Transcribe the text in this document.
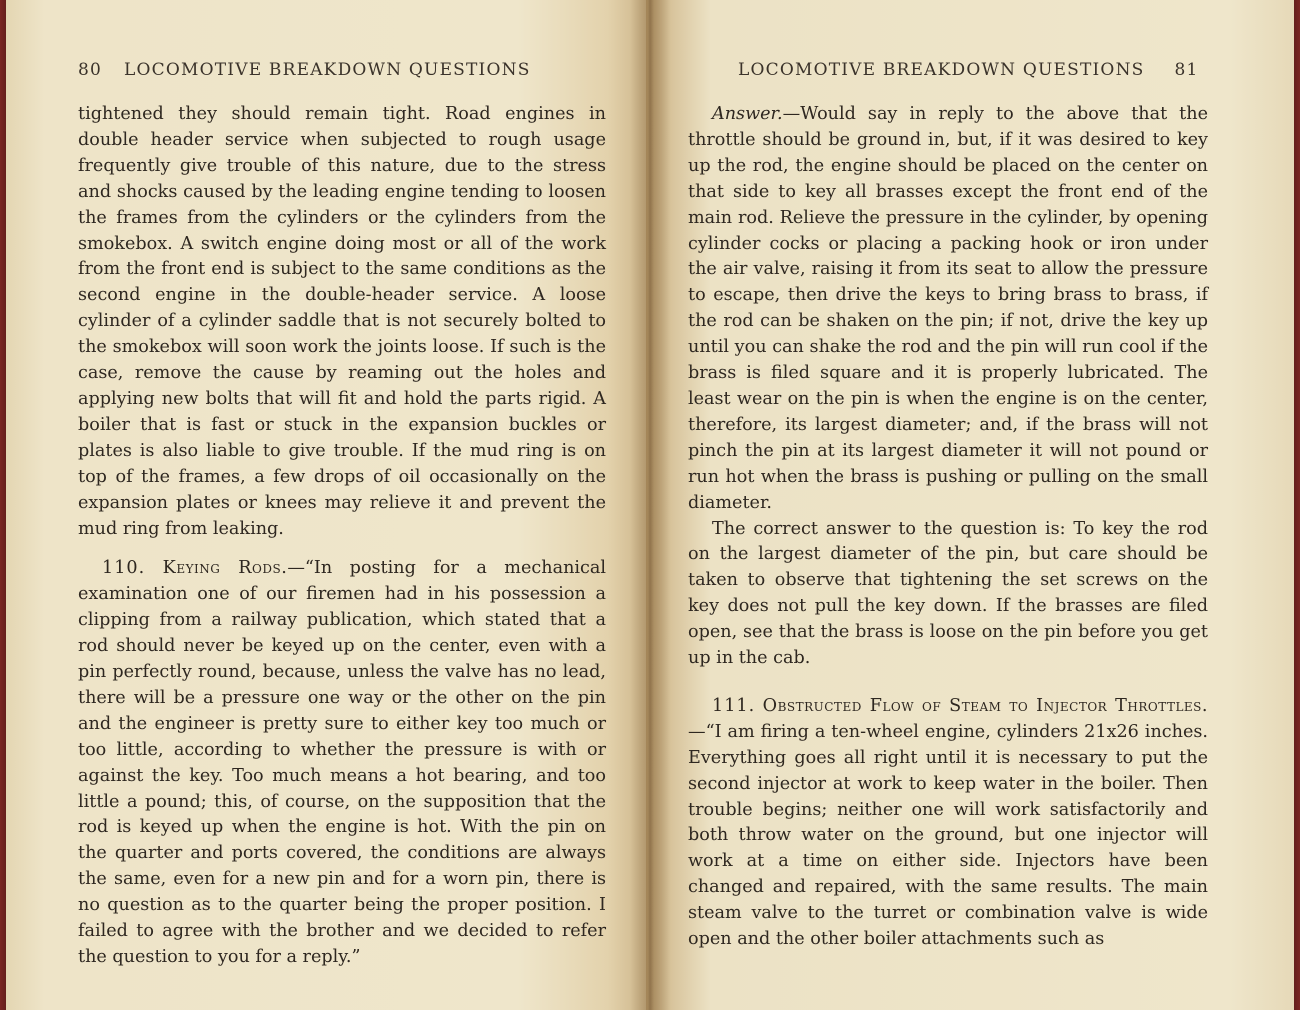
80 LOCOMOTIVE BREAKDOWN QUESTIONS

tightened they should remain tight. Road engines in double header service when subjected to rough usage frequently give trouble of this nature, due to the stress and shocks caused by the leading engine tending to loosen the frames from the cylinders or the cylinders from the smokebox. A switch engine doing most or all of the work from the front end is subject to the same conditions as the second engine in the double-header service. A loose cylinder of a cylinder saddle that is not securely bolted to the smokebox will soon work the joints loose. If such is the case, remove the cause by reaming out the holes and applying new bolts that will fit and hold the parts rigid. A boiler that is fast or stuck in the expansion buckles or plates is also liable to give trouble. If the mud ring is on top of the frames, a few drops of oil occasionally on the expansion plates or knees may relieve it and prevent the mud ring from leaking.

110. Keying Rods.—“In posting for a mechanical examination one of our firemen had in his possession a clipping from a railway publication, which stated that a rod should never be keyed up on the center, even with a pin perfectly round, because, unless the valve has no lead, there will be a pressure one way or the other on the pin and the engineer is pretty sure to either key too much or too little, according to whether the pressure is with or against the key. Too much means a hot bearing, and too little a pound; this, of course, on the supposition that the rod is keyed up when the engine is hot. With the pin on the quarter and ports covered, the conditions are always the same, even for a new pin and for a worn pin, there is no question as to the quarter being the proper position. I failed to agree with the brother and we decided to refer the question to you for a reply.”

LOCOMOTIVE BREAKDOWN QUESTIONS 81

Answer.—Would say in reply to the above that the throttle should be ground in, but, if it was desired to key up the rod, the engine should be placed on the center on that side to key all brasses except the front end of the main rod. Relieve the pressure in the cylinder, by opening cylinder cocks or placing a packing hook or iron under the air valve, raising it from its seat to allow the pressure to escape, then drive the keys to bring brass to brass, if the rod can be shaken on the pin; if not, drive the key up until you can shake the rod and the pin will run cool if the brass is filed square and it is properly lubricated. The least wear on the pin is when the engine is on the center, therefore, its largest diameter; and, if the brass will not pinch the pin at its largest diameter it will not pound or run hot when the brass is pushing or pulling on the small diameter.

The correct answer to the question is: To key the rod on the largest diameter of the pin, but care should be taken to observe that tightening the set screws on the key does not pull the key down. If the brasses are filed open, see that the brass is loose on the pin before you get up in the cab.

111. Obstructed Flow of Steam to Injector Throttles.—“I am firing a ten-wheel engine, cylinders 21x26 inches. Everything goes all right until it is necessary to put the second injector at work to keep water in the boiler. Then trouble begins; neither one will work satisfactorily and both throw water on the ground, but one injector will work at a time on either side. Injectors have been changed and repaired, with the same results. The main steam valve to the turret or combination valve is wide open and the other boiler attachments such as
